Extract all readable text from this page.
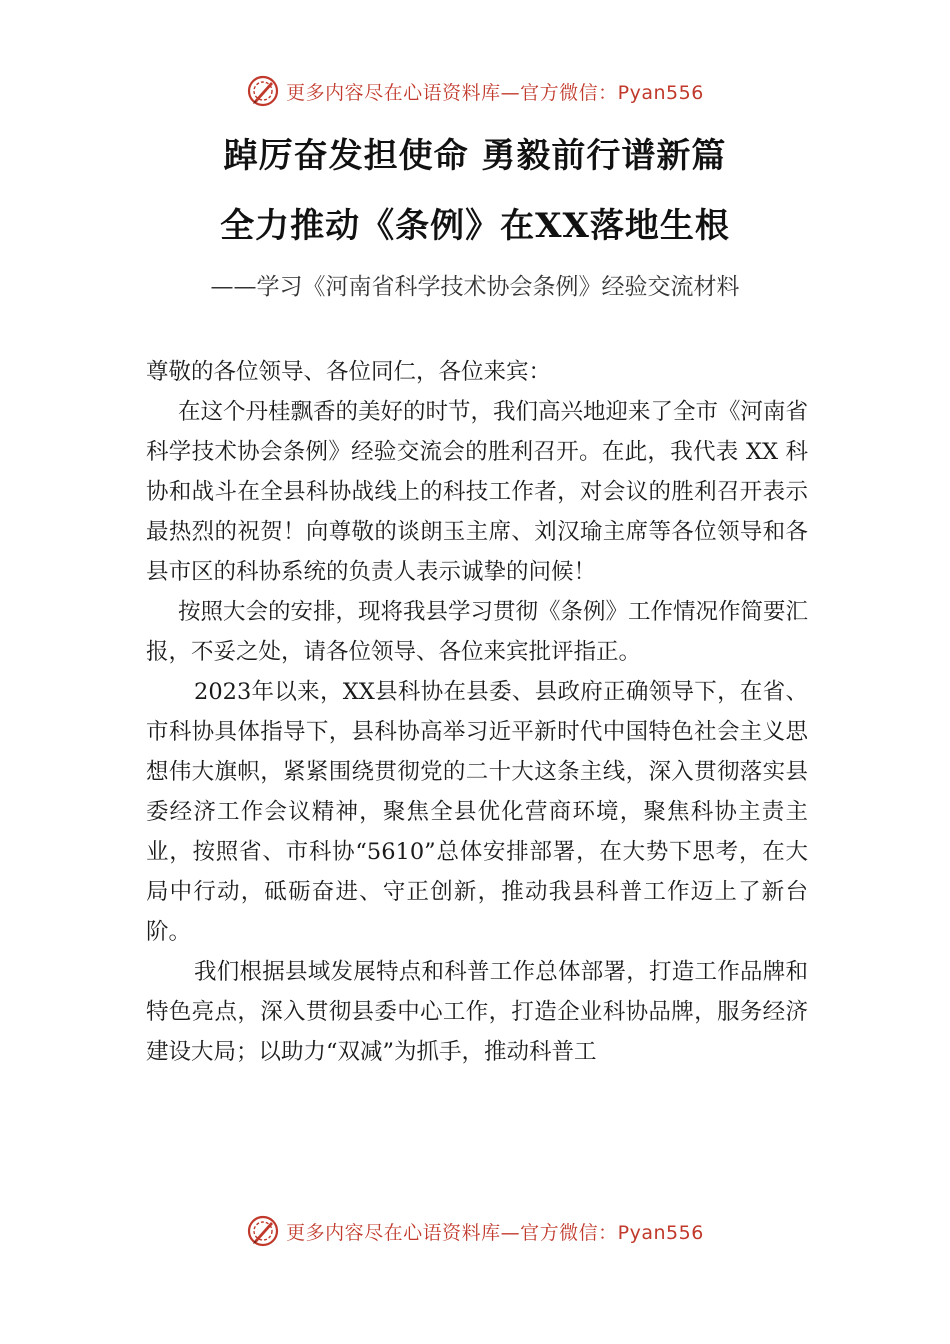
更多内容尽在心语资料库—官方微信：Pyan556
踔厉奋发担使命 勇毅前行谱新篇
全力推动《条例》在XX落地生根
——学习《河南省科学技术协会条例》经验交流材料

尊敬的各位领导、各位同仁，各位来宾：

在这个丹桂飘香的美好的时节，我们高兴地迎来了全市《河南省科学技术协会条例》经验交流会的胜利召开。在此，我代表 XX 科协和战斗在全县科协战线上的科技工作者，对会议的胜利召开表示最热烈的祝贺！向尊敬的谈朗玉主席、刘汉瑜主席等各位领导和各县市区的科协系统的负责人表示诚挚的问候！

按照大会的安排，现将我县学习贯彻《条例》工作情况作简要汇报，不妥之处，请各位领导、各位来宾批评指正。

2023年以来，XX县科协在县委、县政府正确领导下，在省、市科协具体指导下，县科协高举习近平新时代中国特色社会主义思想伟大旗帜，紧紧围绕贯彻党的二十大这条主线，深入贯彻落实县委经济工作会议精神，聚焦全县优化营商环境，聚焦科协主责主业，按照省、市科协“5610”总体安排部署，在大势下思考，在大局中行动，砥砺奋进、守正创新，推动我县科普工作迈上了新台阶。

我们根据县域发展特点和科普工作总体部署，打造工作品牌和特色亮点，深入贯彻县委中心工作，打造企业科协品牌，服务经济建设大局；以助力“双减”为抓手，推动科普工

更多内容尽在心语资料库—官方微信：Pyan556
